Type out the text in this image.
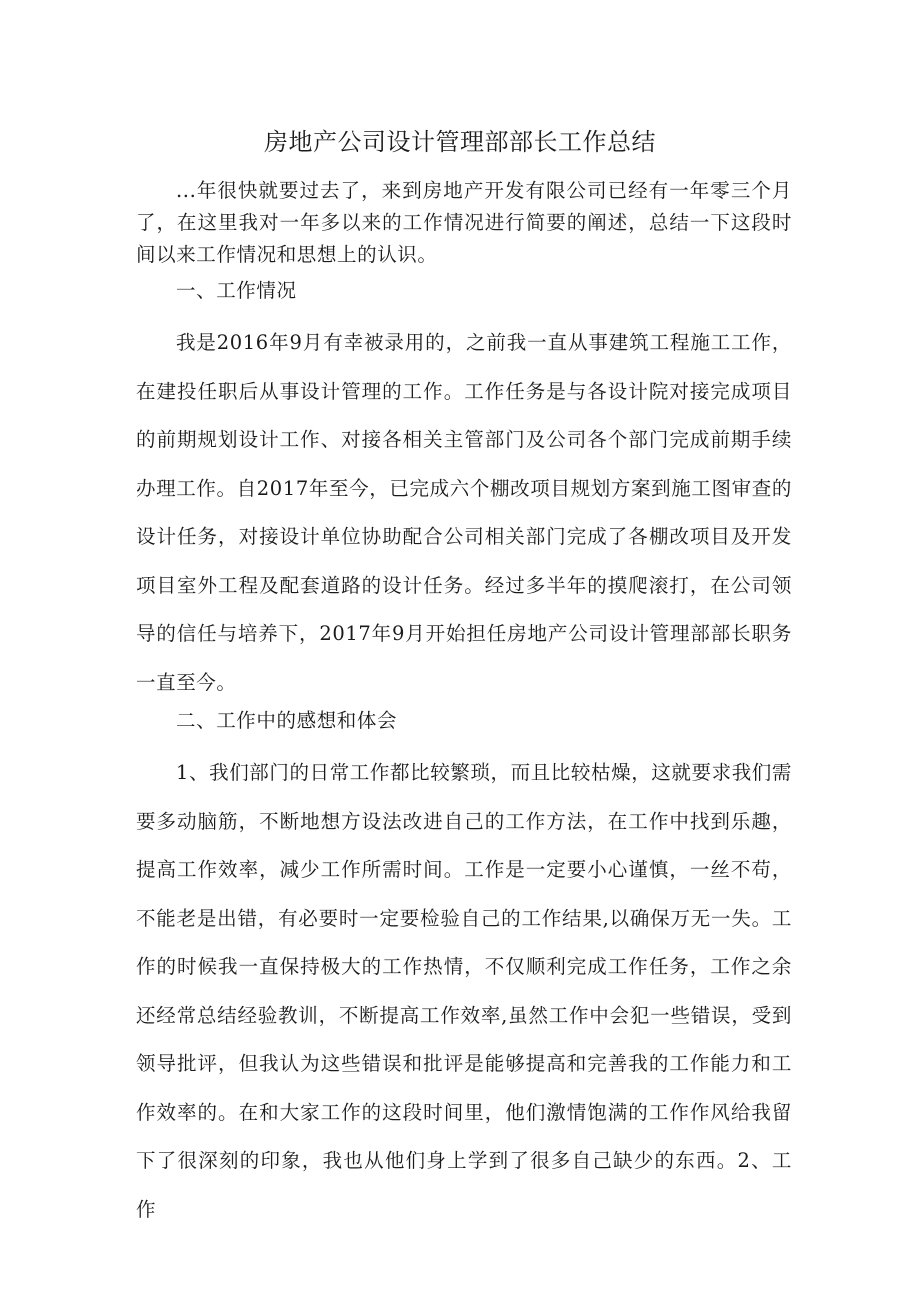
房地产公司设计管理部部长工作总结

...年很快就要过去了，来到房地产开发有限公司已经有一年零三个月了，在这里我对一年多以来的工作情况进行简要的阐述，总结一下这段时间以来工作情况和思想上的认识。

一、工作情况

我是2016年9月有幸被录用的，之前我一直从事建筑工程施工工作，在建投任职后从事设计管理的工作。工作任务是与各设计院对接完成项目的前期规划设计工作、对接各相关主管部门及公司各个部门完成前期手续办理工作。自2017年至今，已完成六个棚改项目规划方案到施工图审查的设计任务，对接设计单位协助配合公司相关部门完成了各棚改项目及开发项目室外工程及配套道路的设计任务。经过多半年的摸爬滚打，在公司领导的信任与培养下，2017年9月开始担任房地产公司设计管理部部长职务一直至今。

二、工作中的感想和体会

1、我们部门的日常工作都比较繁琐，而且比较枯燥，这就要求我们需要多动脑筋，不断地想方设法改进自己的工作方法，在工作中找到乐趣，提高工作效率，减少工作所需时间。工作是一定要小心谨慎，一丝不苟，不能老是出错，有必要时一定要检验自己的工作结果,以确保万无一失。工作的时候我一直保持极大的工作热情，不仅顺利完成工作任务，工作之余还经常总结经验教训，不断提高工作效率,虽然工作中会犯一些错误，受到领导批评，但我认为这些错误和批评是能够提高和完善我的工作能力和工作效率的。在和大家工作的这段时间里，他们激情饱满的工作作风给我留下了很深刻的印象，我也从他们身上学到了很多自己缺少的东西。2、工作
